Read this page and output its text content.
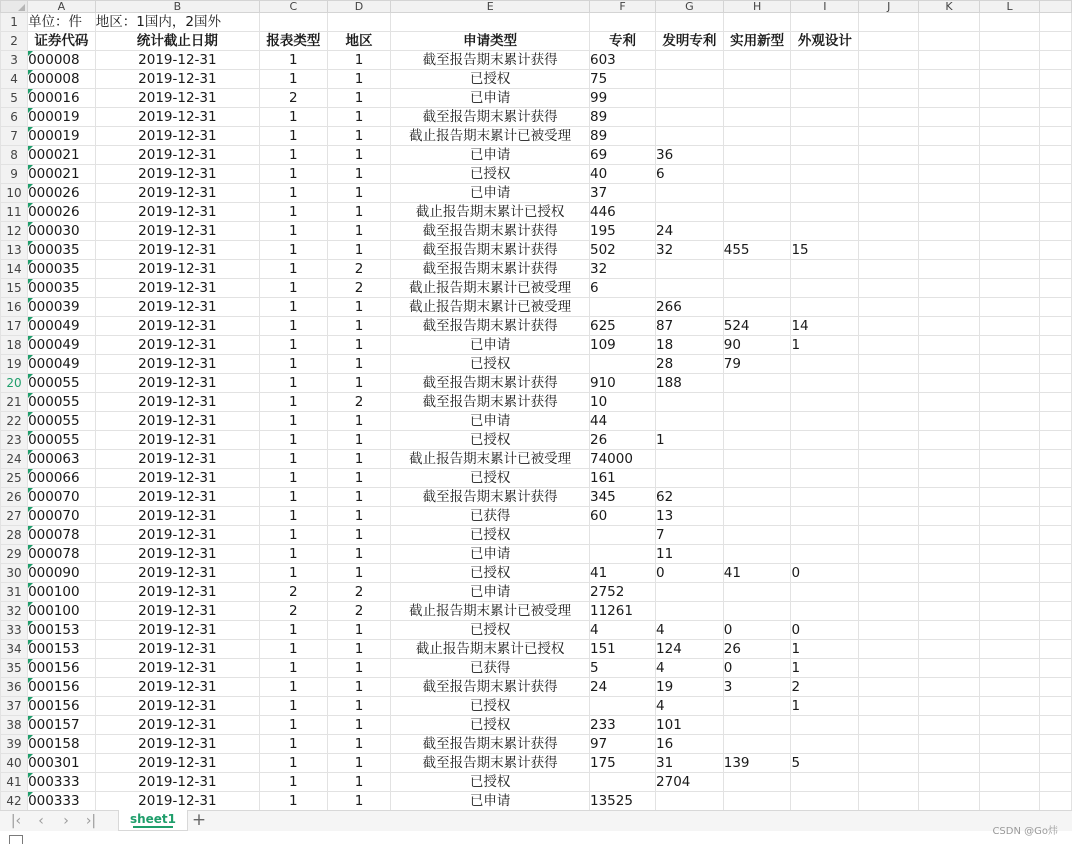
	A	B	C	D	E	F	G	H	I	J	K	L	
1	单位：件	地区：1国内，2国外											
2	证券代码	统计截止日期	报表类型	地区	申请类型	专利	发明专利	实用新型	外观设计				
3	000008	2019-12-31	1	1	截至报告期末累计获得	603							
4	000008	2019-12-31	1	1	已授权	75							
5	000016	2019-12-31	2	1	已申请	99							
6	000019	2019-12-31	1	1	截至报告期末累计获得	89							
7	000019	2019-12-31	1	1	截止报告期末累计已被受理	89							
8	000021	2019-12-31	1	1	已申请	69	36						
9	000021	2019-12-31	1	1	已授权	40	6						
10	000026	2019-12-31	1	1	已申请	37							
11	000026	2019-12-31	1	1	截止报告期末累计已授权	446							
12	000030	2019-12-31	1	1	截至报告期末累计获得	195	24						
13	000035	2019-12-31	1	1	截至报告期末累计获得	502	32	455	15				
14	000035	2019-12-31	1	2	截至报告期末累计获得	32							
15	000035	2019-12-31	1	2	截止报告期末累计已被受理	6							
16	000039	2019-12-31	1	1	截止报告期末累计已被受理		266						
17	000049	2019-12-31	1	1	截至报告期末累计获得	625	87	524	14				
18	000049	2019-12-31	1	1	已申请	109	18	90	1				
19	000049	2019-12-31	1	1	已授权		28	79					
20	000055	2019-12-31	1	1	截至报告期末累计获得	910	188						
21	000055	2019-12-31	1	2	截至报告期末累计获得	10							
22	000055	2019-12-31	1	1	已申请	44							
23	000055	2019-12-31	1	1	已授权	26	1						
24	000063	2019-12-31	1	1	截止报告期末累计已被受理	74000							
25	000066	2019-12-31	1	1	已授权	161							
26	000070	2019-12-31	1	1	截至报告期末累计获得	345	62						
27	000070	2019-12-31	1	1	已获得	60	13						
28	000078	2019-12-31	1	1	已授权		7						
29	000078	2019-12-31	1	1	已申请		11						
30	000090	2019-12-31	1	1	已授权	41	0	41	0				
31	000100	2019-12-31	2	2	已申请	2752							
32	000100	2019-12-31	2	2	截止报告期末累计已被受理	11261							
33	000153	2019-12-31	1	1	已授权	4	4	0	0				
34	000153	2019-12-31	1	1	截止报告期末累计已授权	151	124	26	1				
35	000156	2019-12-31	1	1	已获得	5	4	0	1				
36	000156	2019-12-31	1	1	截至报告期末累计获得	24	19	3	2				
37	000156	2019-12-31	1	1	已授权		4		1				
38	000157	2019-12-31	1	1	已授权	233	101						
39	000158	2019-12-31	1	1	截至报告期末累计获得	97	16						
40	000301	2019-12-31	1	1	截至报告期末累计获得	175	31	139	5				
41	000333	2019-12-31	1	1	已授权		2704						
42	000333	2019-12-31	1	1	已申请	13525							
|‹	‹	›	›|	sheet1 +
CSDN @Go炜
